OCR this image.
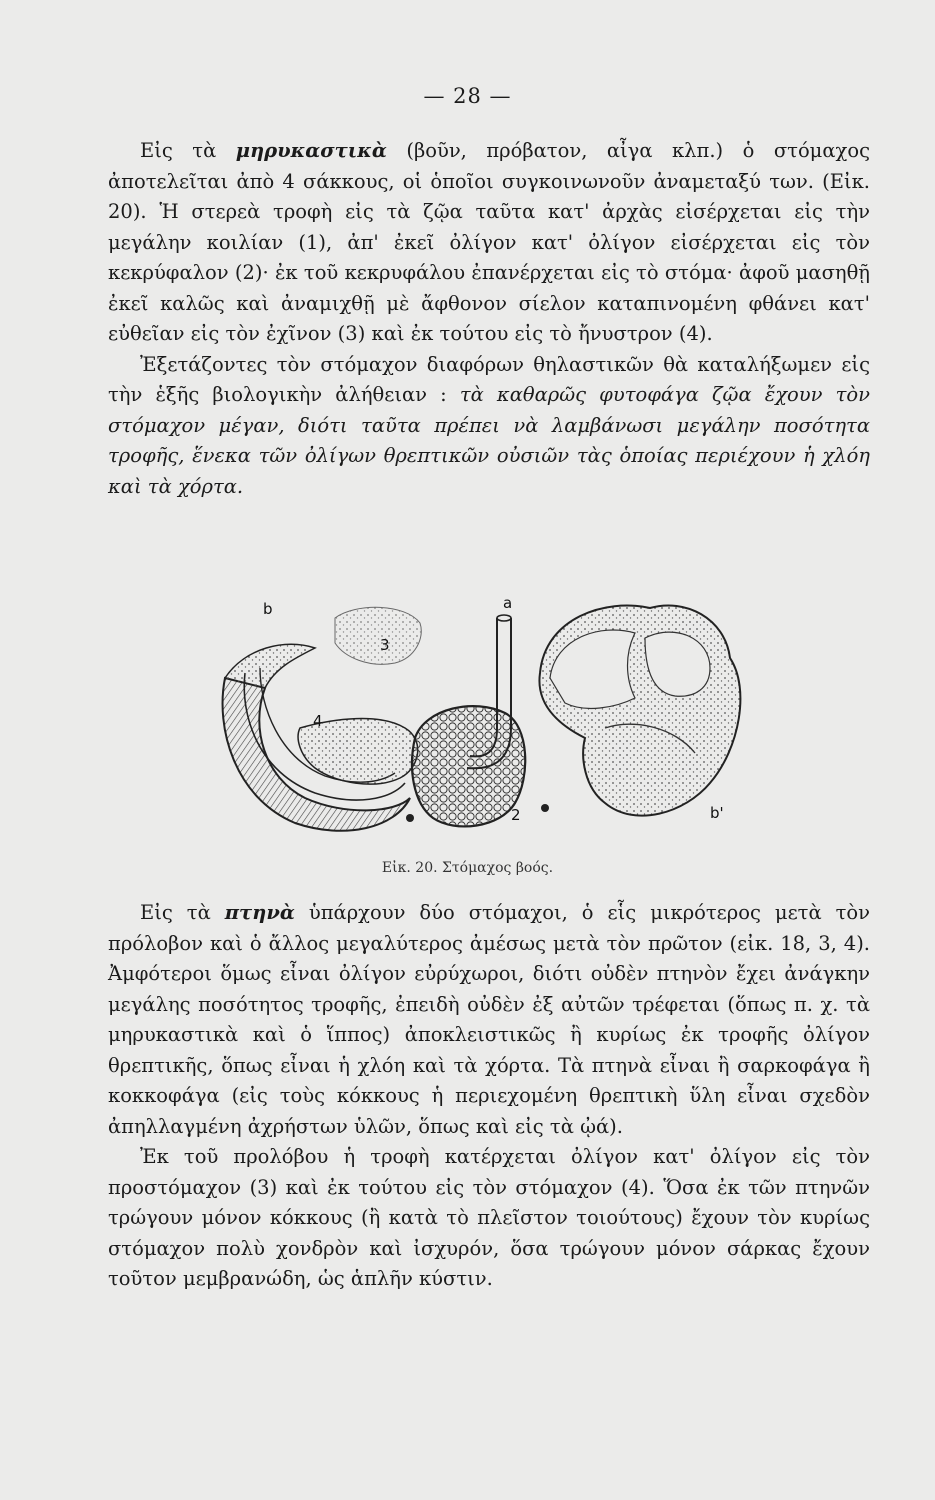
— 28 —

Εἰς τὰ μηρυκαστικὰ (βοῦν, πρόβατον, αἶγα κλπ.) ὁ στόμαχος ἀποτελεῖται ἀπὸ 4 σάκκους, οἱ ὁποῖοι συγκοινωνοῦν ἀναμεταξύ των. (Εἰκ. 20). Ἡ στερεὰ τροφὴ εἰς τὰ ζῷα ταῦτα κατ' ἀρχὰς εἰσέρχεται εἰς τὴν μεγάλην κοιλίαν (1), ἀπ' ἐκεῖ ὀλίγον κατ' ὀλίγον εἰσέρχεται εἰς τὸν κεκρύφαλον (2)· ἐκ τοῦ κεκρυφάλου ἐπανέρχεται εἰς τὸ στόμα· ἀφοῦ μασηθῇ ἐκεῖ καλῶς καὶ ἀναμιχθῇ μὲ ἄφθονον σίελον καταπινομένη φθάνει κατ' εὐθεῖαν εἰς τὸν ἐχῖνον (3) καὶ ἐκ τούτου εἰς τὸ ἤνυστρον (4).

Ἐξετάζοντες τὸν στόμαχον διαφόρων θηλαστικῶν θὰ καταλήξωμεν εἰς τὴν ἑξῆς βιολογικὴν ἀλήθειαν : τὰ καθαρῶς φυτοφάγα ζῷα ἔχουν τὸν στόμαχον μέγαν, διότι ταῦτα πρέπει νὰ λαμβάνωσι μεγάλην ποσότητα τροφῆς, ἕνεκα τῶν ὀλίγων θρεπτικῶν οὐσιῶν τὰς ὁποίας περιέχουν ἡ χλόη καὶ τὰ χόρτα.

b
3
a
4
2	b'
Εἰκ. 20. Στόμαχος βοός.

Εἰς τὰ πτηνὰ ὑπάρχουν δύο στόμαχοι, ὁ εἷς μικρότερος μετὰ τὸν πρόλοβον καὶ ὁ ἄλλος μεγαλύτερος ἀμέσως μετὰ τὸν πρῶτον (εἰκ. 18, 3, 4). Ἀμφότεροι ὅμως εἶναι ὀλίγον εὐρύχωροι, διότι οὐδὲν πτηνὸν ἔχει ἀνάγκην μεγάλης ποσότητος τροφῆς, ἐπειδὴ οὐδὲν ἐξ αὐτῶν τρέφεται (ὅπως π. χ. τὰ μηρυκαστικὰ καὶ ὁ ἵππος) ἀποκλειστικῶς ἢ κυρίως ἐκ τροφῆς ὀλίγον θρεπτικῆς, ὅπως εἶναι ἡ χλόη καὶ τὰ χόρτα. Τὰ πτηνὰ εἶναι ἢ σαρκοφάγα ἢ κοκκοφάγα (εἰς τοὺς κόκκους ἡ περιεχομένη θρεπτικὴ ὕλη εἶναι σχεδὸν ἀπηλλαγμένη ἀχρήστων ὑλῶν, ὅπως καὶ εἰς τὰ ᾠά).

Ἐκ τοῦ προλόβου ἡ τροφὴ κατέρχεται ὀλίγον κατ' ὀλίγον εἰς τὸν προστόμαχον (3) καὶ ἐκ τούτου εἰς τὸν στόμαχον (4). Ὅσα ἐκ τῶν πτηνῶν τρώγουν μόνον κόκκους (ἢ κατὰ τὸ πλεῖστον τοιούτους) ἔχουν τὸν κυρίως στόμαχον πολὺ χονδρὸν καὶ ἰσχυρόν, ὅσα τρώγουν μόνον σάρκας ἔχουν τοῦτον μεμβρανώδη, ὡς ἁπλῆν κύστιν.
